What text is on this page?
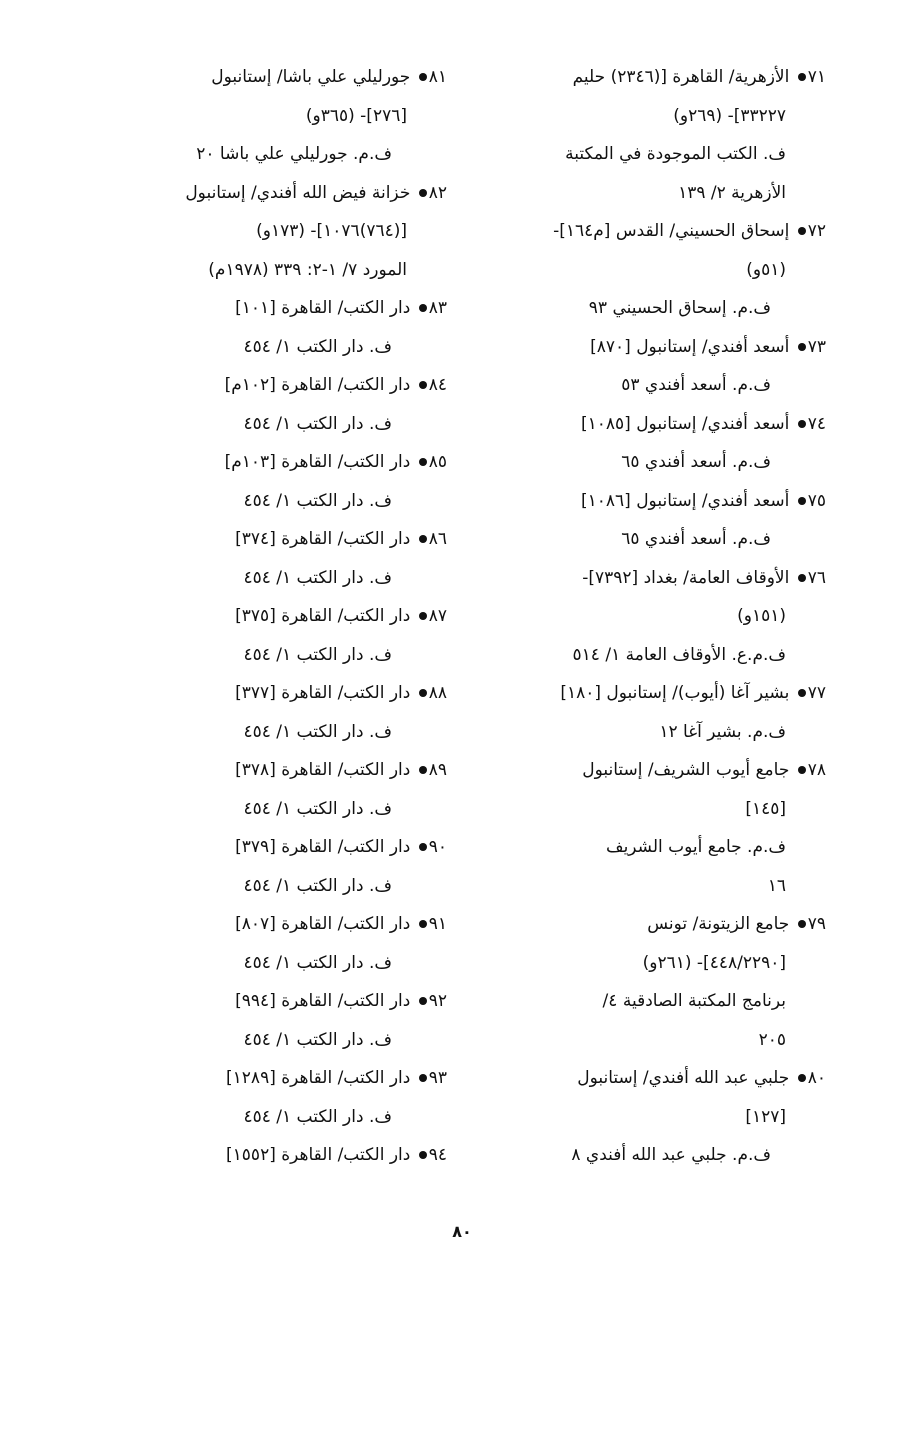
٧١ الأزهرية/ القاهرة [(٢٣٤٦) حليم
٣٣٢٢٧]- (٢٦٩و)
ف. الكتب الموجودة في المكتبة
الأزهرية ٢/ ١٣٩
٧٢ إسحاق الحسيني/ القدس [م١٦٤]-
(٥١و)
ف.م. إسحاق الحسيني ٩٣
٧٣ أسعد أفندي/ إستانبول [٨٧٠]
ف.م. أسعد أفندي ٥٣
٧٤ أسعد أفندي/ إستانبول [١٠٨٥]
ف.م. أسعد أفندي ٦٥
٧٥ أسعد أفندي/ إستانبول [١٠٨٦]
ف.م. أسعد أفندي ٦٥
٧٦ الأوقاف العامة/ بغداد [٧٣٩٢]-
(١٥١و)
ف.م.ع. الأوقاف العامة ١/ ٥١٤
٧٧ بشير آغا (أيوب)/ إستانبول [١٨٠]
ف.م. بشير آغا ١٢
٧٨ جامع أيوب الشريف/ إستانبول
[١٤٥]
ف.م. جامع أيوب الشريف
١٦
٧٩ جامع الزيتونة/ تونس
[٤٤٨/٢٢٩٠]- (٢٦١و)
برنامج المكتبة الصادقية ٤/
٢٠٥
٨٠ جلبي عبد الله أفندي/ إستانبول
[١٢٧]
ف.م. جلبي عبد الله أفندي ٨
٨١ جورليلي علي باشا/ إستانبول
[٢٧٦]- (٣٦٥و)
ف.م. جورليلي علي باشا ٢٠
٨٢ خزانة فيض الله أفندي/ إستانبول
[(٧٦٤)١٠٧٦]- (١٧٣و)
المورد ٧/ ١-٢: ٣٣٩ (١٩٧٨م)
٨٣ دار الكتب/ القاهرة [١٠١]
ف. دار الكتب ١/ ٤٥٤
٨٤ دار الكتب/ القاهرة [١٠٢م]
ف. دار الكتب ١/ ٤٥٤
٨٥ دار الكتب/ القاهرة [١٠٣م]
ف. دار الكتب ١/ ٤٥٤
٨٦ دار الكتب/ القاهرة [٣٧٤]
ف. دار الكتب ١/ ٤٥٤
٨٧ دار الكتب/ القاهرة [٣٧٥]
ف. دار الكتب ١/ ٤٥٤
٨٨ دار الكتب/ القاهرة [٣٧٧]
ف. دار الكتب ١/ ٤٥٤
٨٩ دار الكتب/ القاهرة [٣٧٨]
ف. دار الكتب ١/ ٤٥٤
٩٠ دار الكتب/ القاهرة [٣٧٩]
ف. دار الكتب ١/ ٤٥٤
٩١ دار الكتب/ القاهرة [٨٠٧]
ف. دار الكتب ١/ ٤٥٤
٩٢ دار الكتب/ القاهرة [٩٩٤]
ف. دار الكتب ١/ ٤٥٤
٩٣ دار الكتب/ القاهرة [١٢٨٩]
ف. دار الكتب ١/ ٤٥٤
٩٤ دار الكتب/ القاهرة [١٥٥٢]
٨٠
